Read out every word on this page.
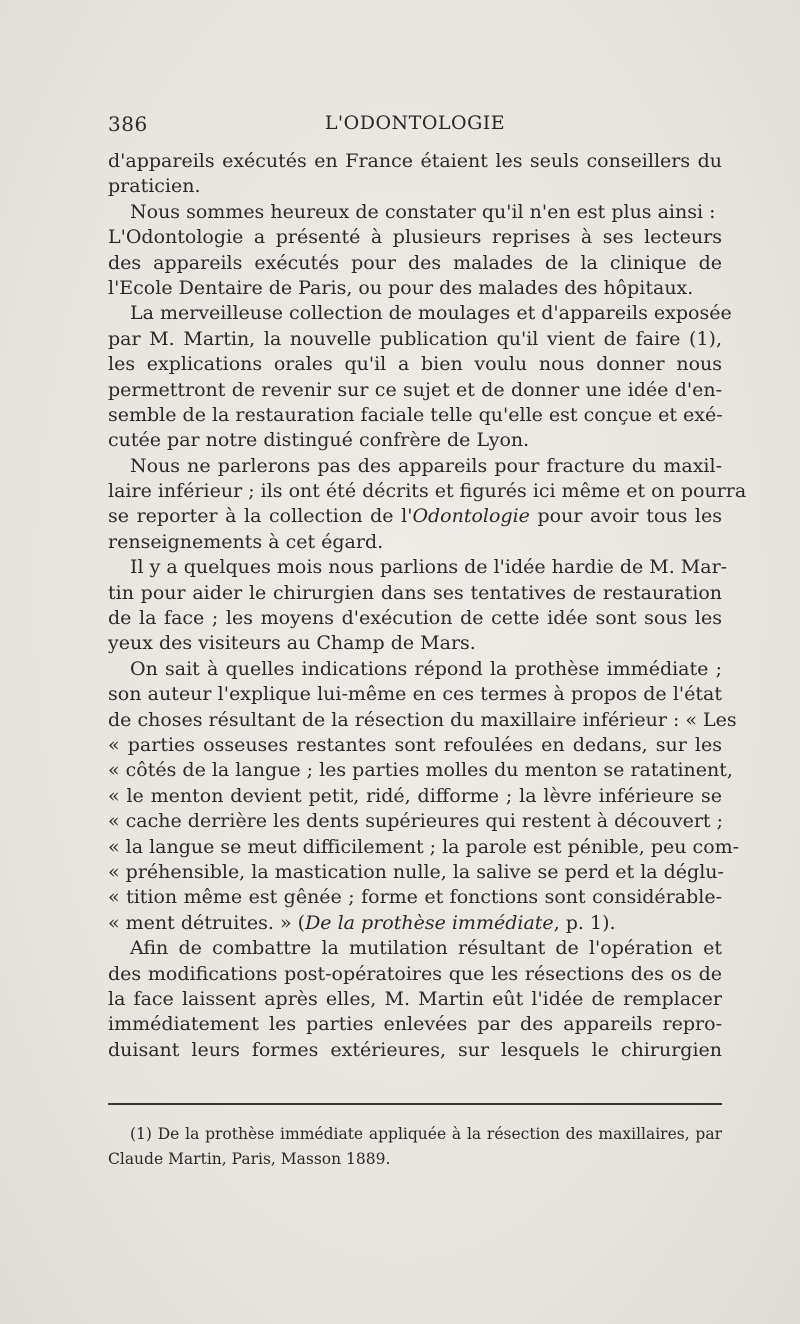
386	L'ODONTOLOGIE
d'appareils exécutés en France étaient les seuls conseillers du
praticien.
Nous sommes heureux de constater qu'il n'en est plus ainsi :
L'Odontologie a présenté à plusieurs reprises à ses lecteurs
des appareils exécutés pour des malades de la clinique de
l'Ecole Dentaire de Paris, ou pour des malades des hôpitaux.
La merveilleuse collection de moulages et d'appareils exposée
par M. Martin, la nouvelle publication qu'il vient de faire (1),
les explications orales qu'il a bien voulu nous donner nous
permettront de revenir sur ce sujet et de donner une idée d'en-
semble de la restauration faciale telle qu'elle est conçue et exé-
cutée par notre distingué confrère de Lyon.
Nous ne parlerons pas des appareils pour fracture du maxil-
laire inférieur ; ils ont été décrits et figurés ici même et on pourra
se reporter à la collection de l'Odontologie pour avoir tous les
renseignements à cet égard.
Il y a quelques mois nous parlions de l'idée hardie de M. Mar-
tin pour aider le chirurgien dans ses tentatives de restauration
de la face ; les moyens d'exécution de cette idée sont sous les
yeux des visiteurs au Champ de Mars.
On sait à quelles indications répond la prothèse immédiate ;
son auteur l'explique lui-même en ces termes à propos de l'état
de choses résultant de la résection du maxillaire inférieur : « Les
« parties osseuses restantes sont refoulées en dedans, sur les
« côtés de la langue ; les parties molles du menton se ratatinent,
« le menton devient petit, ridé, difforme ; la lèvre inférieure se
« cache derrière les dents supérieures qui restent à découvert ;
« la langue se meut difficilement ; la parole est pénible, peu com-
« préhensible, la mastication nulle, la salive se perd et la déglu-
« tition même est gênée ; forme et fonctions sont considérable-
« ment détruites. » (De la prothèse immédiate, p. 1).
Afin de combattre la mutilation résultant de l'opération et
des modifications post-opératoires que les résections des os de
la face laissent après elles, M. Martin eût l'idée de remplacer
immédiatement les parties enlevées par des appareils repro-
duisant leurs formes extérieures, sur lesquels le chirurgien
(1) De la prothèse immédiate appliquée à la résection des maxillaires, par
Claude Martin, Paris, Masson 1889.
